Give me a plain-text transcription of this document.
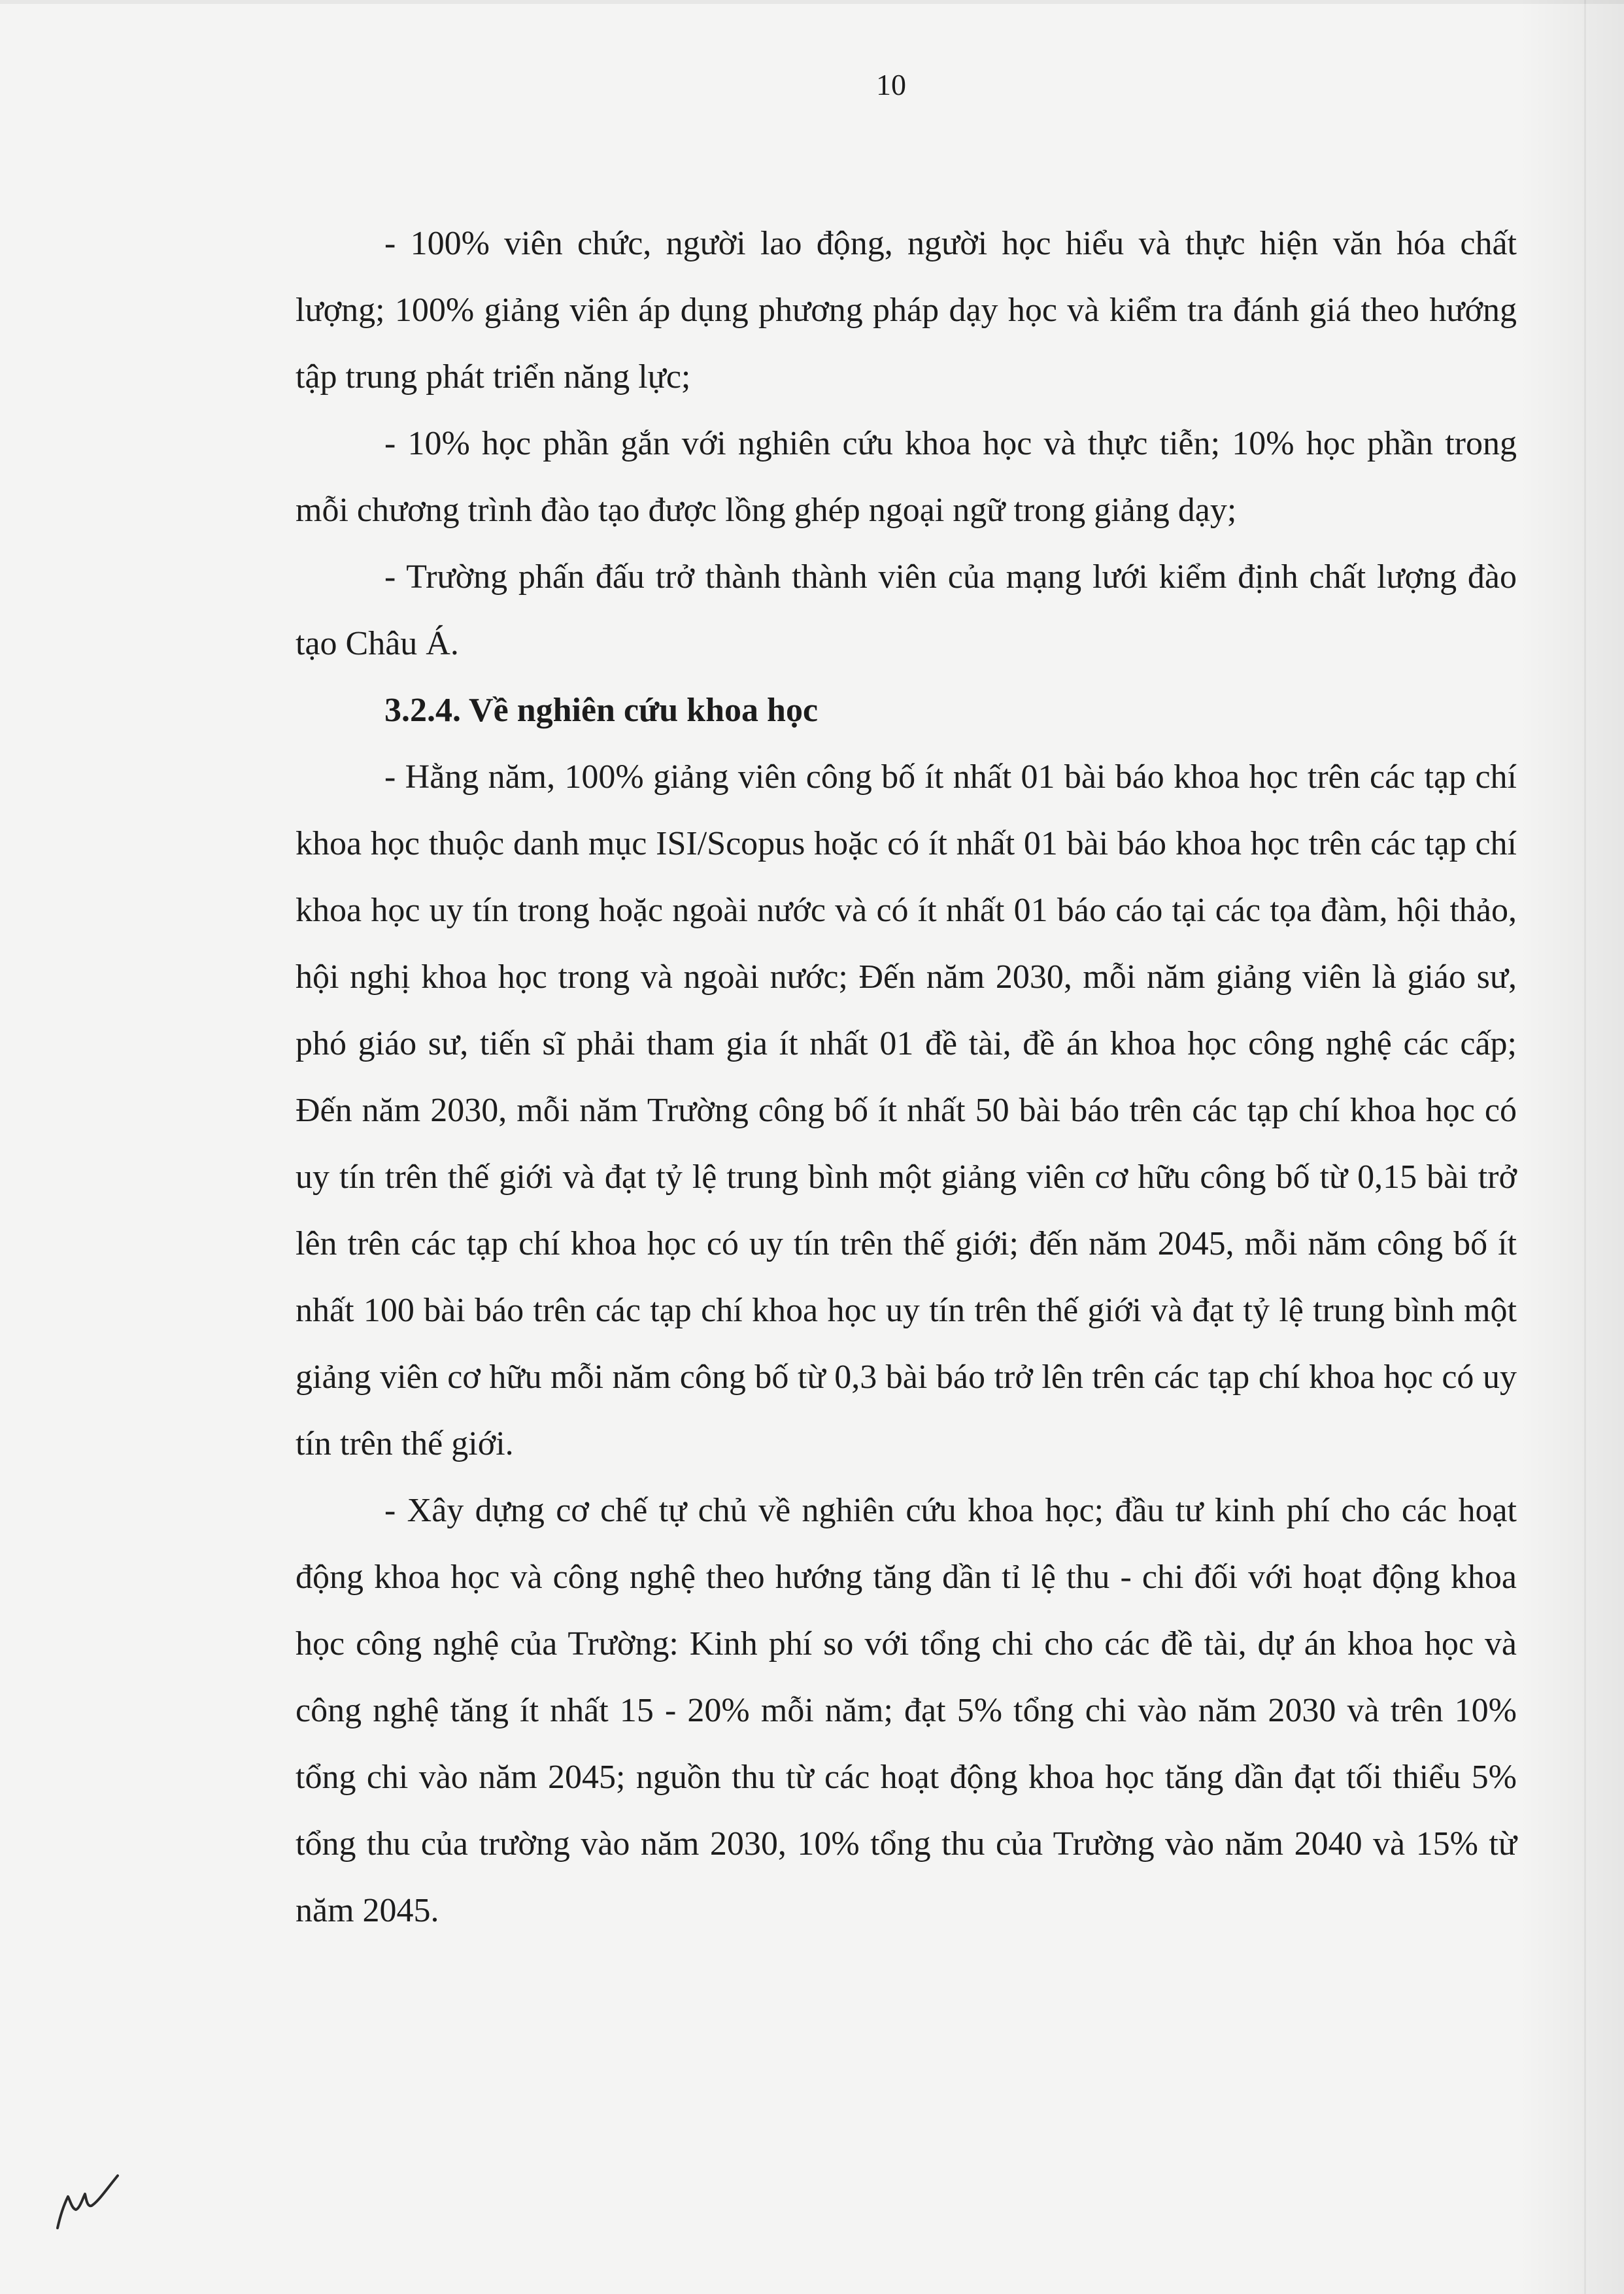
10

- 100% viên chức, người lao động, người học hiểu và thực hiện văn hóa chất lượng; 100% giảng viên áp dụng phương pháp dạy học và kiểm tra đánh giá theo hướng tập trung phát triển năng lực;

- 10% học phần gắn với nghiên cứu khoa học và thực tiễn; 10% học phần trong mỗi chương trình đào tạo được lồng ghép ngoại ngữ trong giảng dạy;

- Trường phấn đấu trở thành thành viên của mạng lưới kiểm định chất lượng đào tạo Châu Á.

3.2.4. Về nghiên cứu khoa học

- Hằng năm, 100% giảng viên công bố ít nhất 01 bài báo khoa học trên các tạp chí khoa học thuộc danh mục ISI/Scopus hoặc có ít nhất 01 bài báo khoa học trên các tạp chí khoa học uy tín trong hoặc ngoài nước và có ít nhất 01 báo cáo tại các tọa đàm, hội thảo, hội nghị khoa học trong và ngoài nước; Đến năm 2030, mỗi năm giảng viên là giáo sư, phó giáo sư, tiến sĩ phải tham gia ít nhất 01 đề tài, đề án khoa học công nghệ các cấp; Đến năm 2030, mỗi năm Trường công bố ít nhất 50 bài báo trên các tạp chí khoa học có uy tín trên thế giới và đạt tỷ lệ trung bình một giảng viên cơ hữu công bố từ 0,15 bài trở lên trên các tạp chí khoa học có uy tín trên thế giới; đến năm 2045, mỗi năm công bố ít nhất 100 bài báo trên các tạp chí khoa học uy tín trên thế giới và đạt tỷ lệ trung bình một giảng viên cơ hữu mỗi năm công bố từ 0,3 bài báo trở lên trên các tạp chí khoa học có uy tín trên thế giới.

- Xây dựng cơ chế tự chủ về nghiên cứu khoa học; đầu tư kinh phí cho các hoạt động khoa học và công nghệ theo hướng tăng dần tỉ lệ thu - chi đối với hoạt động khoa học công nghệ của Trường: Kinh phí so với tổng chi cho các đề tài, dự án khoa học và công nghệ tăng ít nhất 15 - 20% mỗi năm; đạt 5% tổng chi vào năm 2030 và trên 10% tổng chi vào năm 2045; nguồn thu từ các hoạt động khoa học tăng dần đạt tối thiểu 5% tổng thu của trường vào năm 2030, 10% tổng thu của Trường vào năm 2040 và 15% từ năm 2045.
